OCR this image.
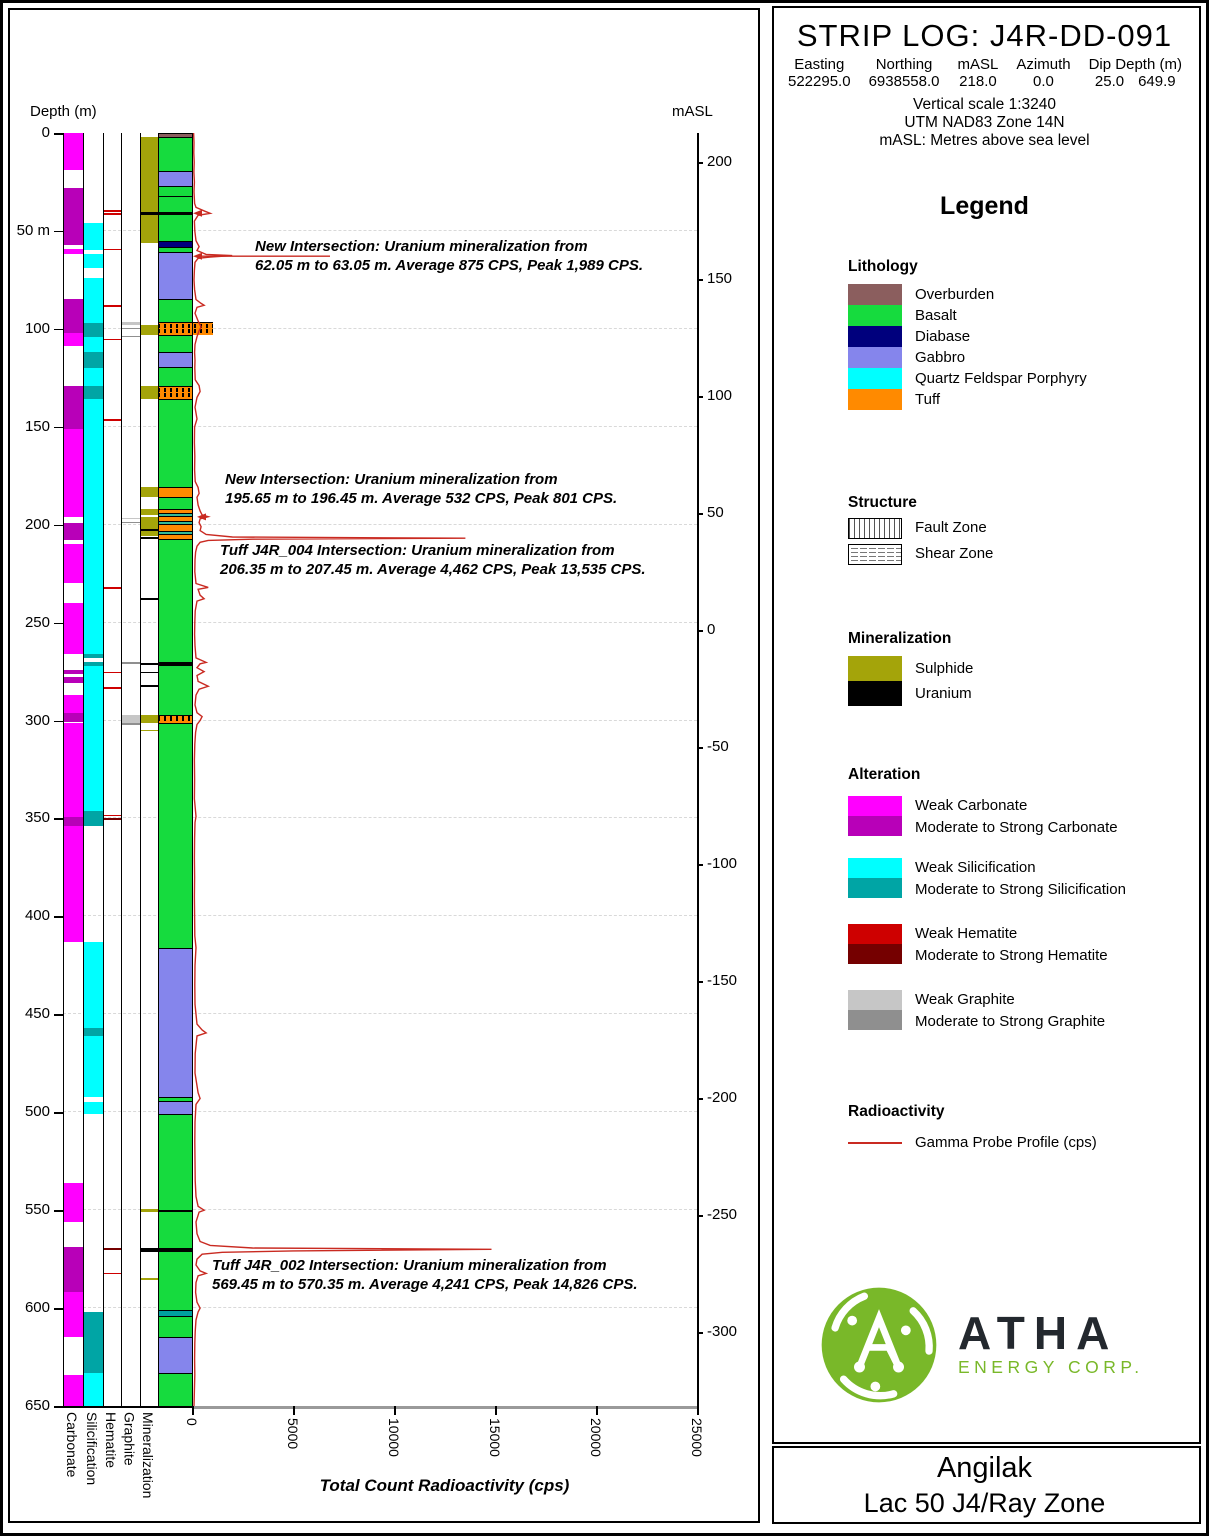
Depth (m)
0
50 m
100
150
200
250
300
350
400
450
500
550
600
650
mASL
200
150
100
50
0
-50
-100
-150
-200
-250
-300
0	5000	10000	15000	20000	25000
Total Count Radioactivity (cps)
Carbonate Silicification Hematite Graphite Mineralization
New Intersection: Uranium mineralization from
62.05 m to 63.05 m. Average 875 CPS, Peak 1,989 CPS.
New Intersection: Uranium mineralization from
195.65 m to 196.45 m. Average 532 CPS, Peak 801 CPS.
Tuff J4R_004 Intersection: Uranium mineralization from
206.35 m to 207.45 m. Average 4,462 CPS, Peak 13,535 CPS.
Tuff J4R_002 Intersection: Uranium mineralization from
569.45 m to 570.35 m. Average 4,241 CPS, Peak 14,826 CPS.
STRIP LOG: J4R-DD-091
Easting
522295.0
Northing
6938558.0
mASL
218.0
Azimuth
0.0
Dip Depth (m)
25.0 649.9
Vertical scale 1:3240
UTM NAD83 Zone 14N
mASL: Metres above sea level
Legend
Lithology
Overburden
Basalt
Diabase
Gabbro
Quartz Feldspar Porphyry
Tuff
Structure
Fault Zone
Shear Zone
Mineralization
Sulphide
Uranium
Alteration
Weak Carbonate
Moderate to Strong Carbonate
Weak Silicification
Moderate to Strong Silicification
Weak Hematite
Moderate to Strong Hematite
Weak Graphite
Moderate to Strong Graphite
Radioactivity
Gamma Probe Profile (cps)
ATHA
ENERGY CORP.
Angilak
Lac 50 J4/Ray Zone
